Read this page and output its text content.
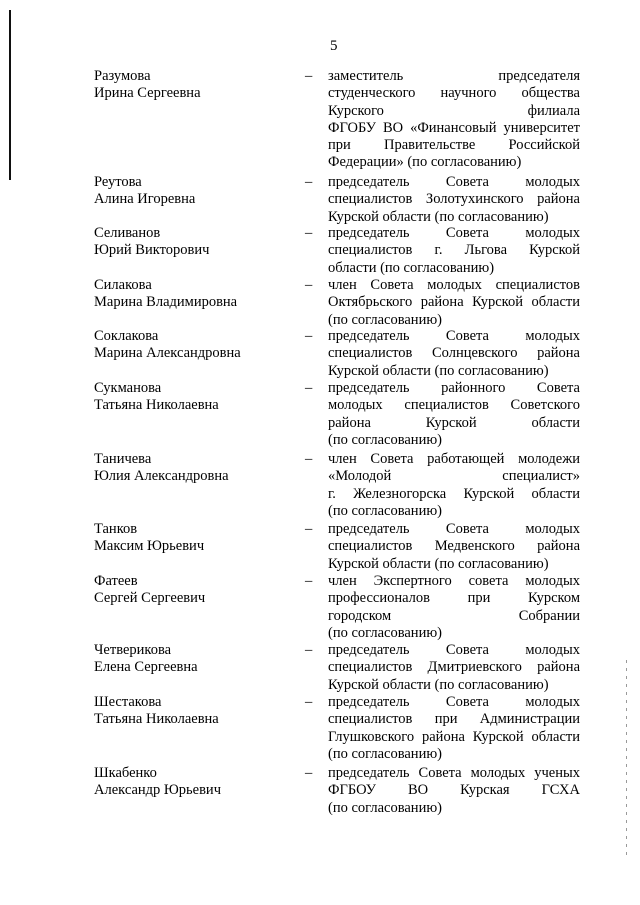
5
Разумова
Ирина Сергеевна
– заместитель председателя
студенческого научного общества
Курского филиала
ФГОБУ ВО «Финансовый университет
при Правительстве Российской
Федерации» (по согласованию)
Реутова
Алина Игоревна
– председатель Совета молодых
специалистов Золотухинского района
Курской области (по согласованию)
Селиванов
Юрий Викторович
– председатель Совета молодых
специалистов г. Льгова Курской
области (по согласованию)
Силакова
Марина Владимировна
– член Совета молодых специалистов
Октябрьского района Курской области
(по согласованию)
Соклакова
Марина Александровна
– председатель Совета молодых
специалистов Солнцевского района
Курской области (по согласованию)
Сукманова
Татьяна Николаевна
– председатель районного Совета
молодых специалистов Советского
района Курской области
(по согласованию)
Таничева
Юлия Александровна
– член Совета работающей молодежи
«Молодой специалист»
г. Железногорска Курской области
(по согласованию)
Танков
Максим Юрьевич
– председатель Совета молодых
специалистов Медвенского района
Курской области (по согласованию)
Фатеев
Сергей Сергеевич
– член Экспертного совета молодых
профессионалов при Курском
городском Собрании
(по согласованию)
Четверикова
Елена Сергеевна
– председатель Совета молодых
специалистов Дмитриевского района
Курской области (по согласованию)
Шестакова
Татьяна Николаевна
– председатель Совета молодых
специалистов при Администрации
Глушковского района Курской области
(по согласованию)
Шкабенко
Александр Юрьевич
– председатель Совета молодых ученых
ФГБОУ ВО Курская ГСХА
(по согласованию)
